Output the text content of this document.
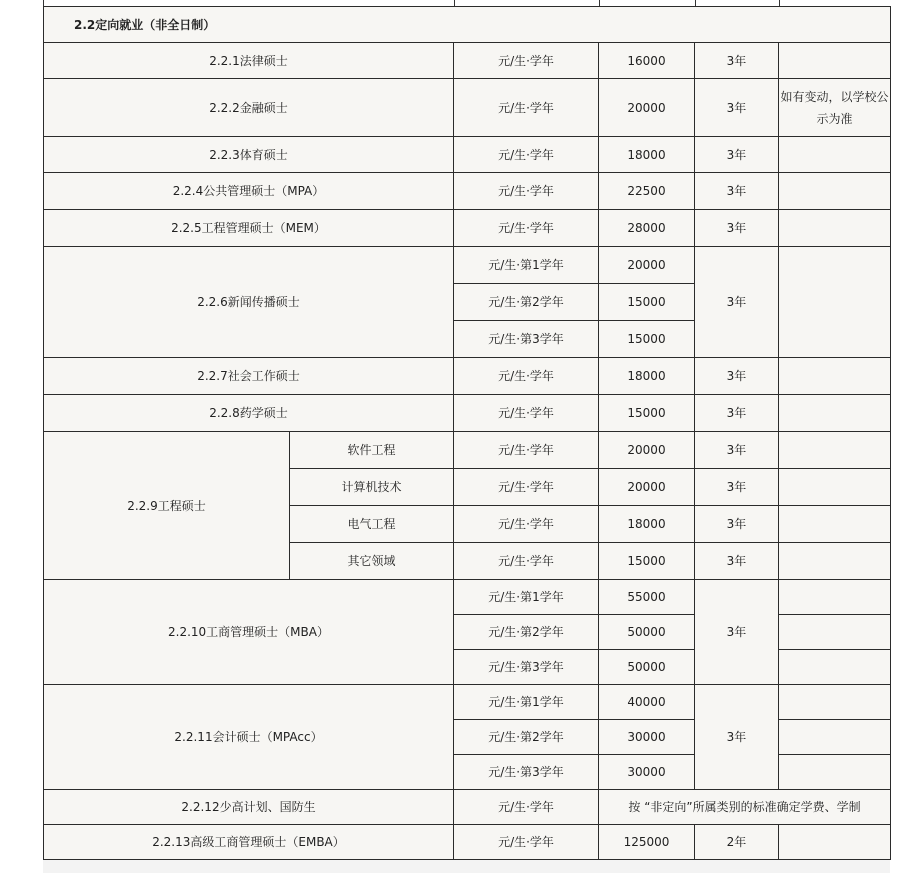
2.2定向就业（非全日制）					
2.2.1法律硕士		元/生·学年	16000	3年	
2.2.2金融硕士		元/生·学年	20000	3年	如有变动，以学校公示为准
2.2.3体育硕士		元/生·学年	18000	3年	
2.2.4公共管理硕士（MPA）		元/生·学年	22500	3年	
2.2.5工程管理硕士（MEM）		元/生·学年	28000	3年	
2.2.6新闻传播硕士		元/生·第1学年	20000	3年	
		元/生·第2学年	15000		
		元/生·第3学年	15000		
2.2.7社会工作硕士		元/生·学年	18000	3年	
2.2.8药学硕士		元/生·学年	15000	3年	
2.2.9工程硕士	软件工程	元/生·学年	20000	3年	
	计算机技术	元/生·学年	20000	3年	
	电气工程	元/生·学年	18000	3年	
	其它领域	元/生·学年	15000	3年	
2.2.10工商管理硕士（MBA）		元/生·第1学年	55000	3年	
		元/生·第2学年	50000		
		元/生·第3学年	50000		
2.2.11会计硕士（MPAcc）		元/生·第1学年	40000	3年	
		元/生·第2学年	30000		
		元/生·第3学年	30000		
2.2.12少高计划、国防生		元/生·学年	按 “非定向”所属类别的标准确定学费、学制		
2.2.13高级工商管理硕士（EMBA）		元/生·学年	125000	2年	
